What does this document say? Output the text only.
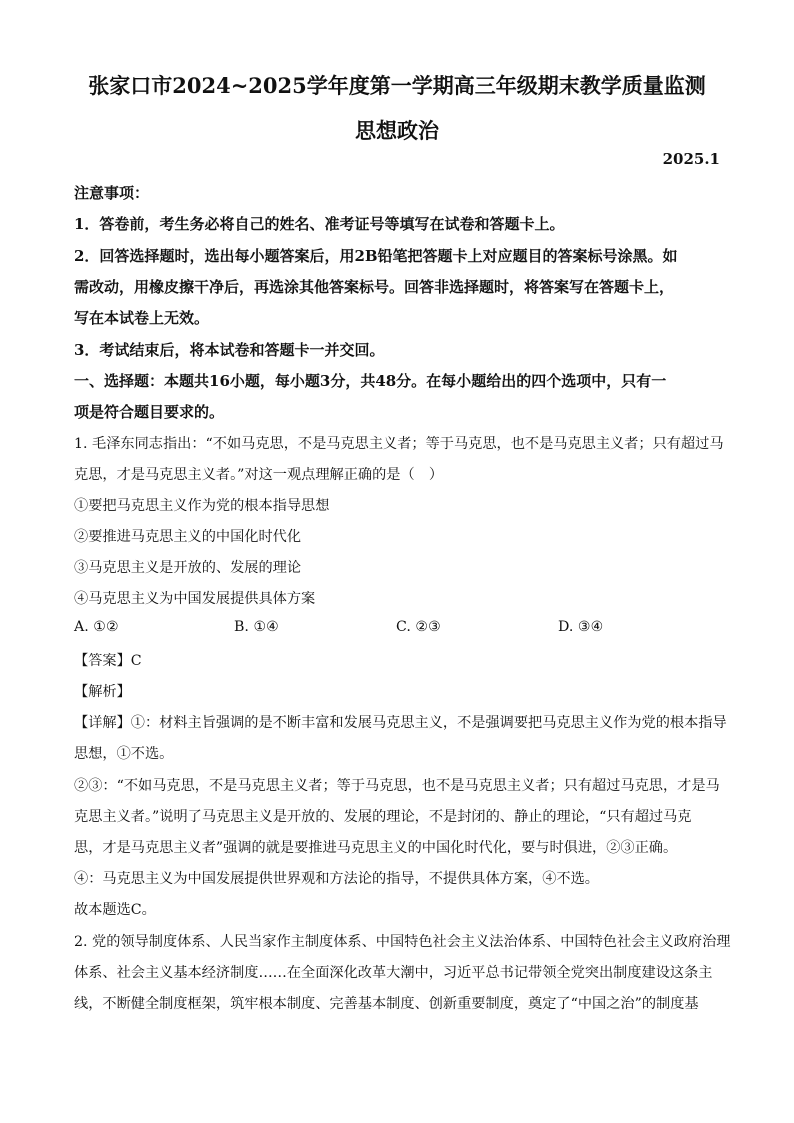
张家口市2024~2025学年度第一学期高三年级期末教学质量监测
思想政治
2025.1
注意事项：
1．答卷前，考生务必将自己的姓名、准考证号等填写在试卷和答题卡上。
2．回答选择题时，选出每小题答案后，用2B铅笔把答题卡上对应题目的答案标号涂黑。如
需改动，用橡皮擦干净后，再选涂其他答案标号。回答非选择题时，将答案写在答题卡上，
写在本试卷上无效。
3．考试结束后，将本试卷和答题卡一并交回。
一、选择题：本题共16小题，每小题3分，共48分。在每小题给出的四个选项中，只有一
项是符合题目要求的。
1. 毛泽东同志指出：“不如马克思，不是马克思主义者；等于马克思，也不是马克思主义者；只有超过马
克思，才是马克思主义者。”对这一观点理解正确的是（　）
①要把马克思主义作为党的根本指导思想
②要推进马克思主义的中国化时代化
③马克思主义是开放的、发展的理论
④马克思主义为中国发展提供具体方案
A. ①②	B. ①④	C. ②③	D. ③④
【答案】C
【解析】
【详解】①：材料主旨强调的是不断丰富和发展马克思主义，不是强调要把马克思主义作为党的根本指导
思想，①不选。
②③：“不如马克思，不是马克思主义者；等于马克思，也不是马克思主义者；只有超过马克思，才是马
克思主义者。”说明了马克思主义是开放的、发展的理论，不是封闭的、静止的理论，“只有超过马克
思，才是马克思主义者”强调的就是要推进马克思主义的中国化时代化，要与时俱进，②③正确。
④：马克思主义为中国发展提供世界观和方法论的指导，不提供具体方案，④不选。
故本题选C。
2. 党的领导制度体系、人民当家作主制度体系、中国特色社会主义法治体系、中国特色社会主义政府治理
体系、社会主义基本经济制度……在全面深化改革大潮中，习近平总书记带领全党突出制度建设这条主
线，不断健全制度框架，筑牢根本制度、完善基本制度、创新重要制度，奠定了“中国之治”的制度基
